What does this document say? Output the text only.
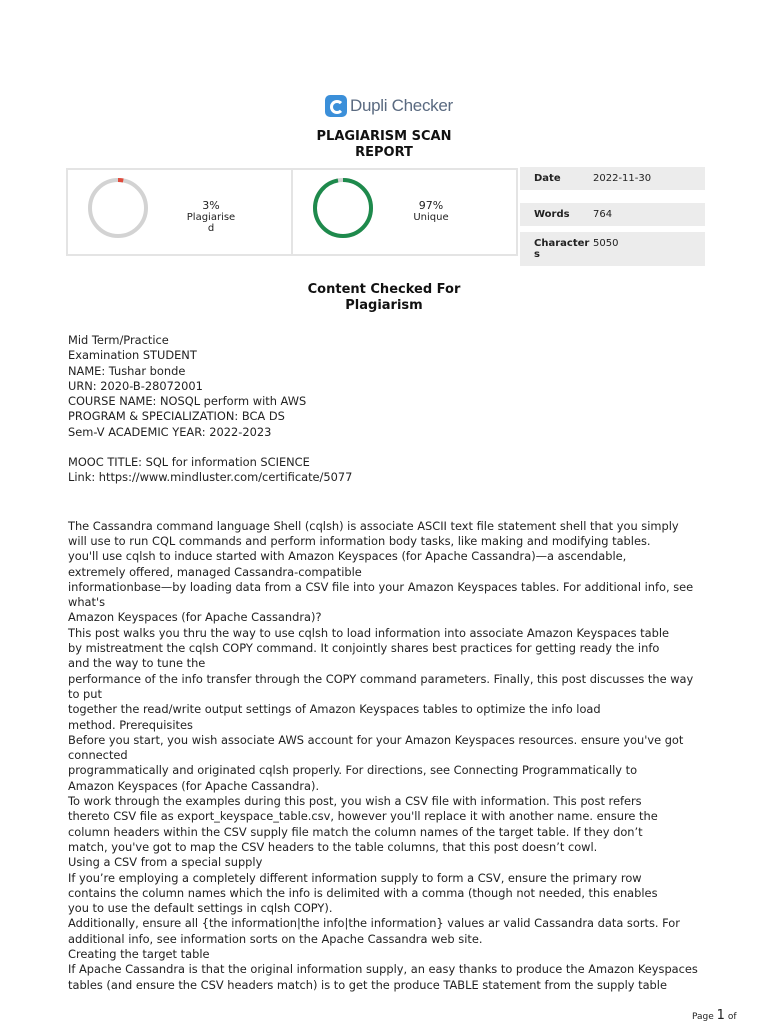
Dupli Checker
PLAGIARISM SCAN
REPORT
3%
Plagiarise
d
97%
Unique
Date	2022-11-30
Words	764
Character
s
5050
Content Checked For
Plagiarism

Mid Term/Practice

Examination STUDENT

NAME: Tushar bonde

URN: 2020-B-28072001

COURSE NAME: NOSQL perform with AWS

PROGRAM & SPECIALIZATION: BCA DS

Sem-V ACADEMIC YEAR: 2022-2023

MOOC TITLE: SQL for information SCIENCE

Link: https://www.mindluster.com/certificate/5077

The Cassandra command language Shell (cqlsh) is associate ASCII text file statement shell that you simply

will use to run CQL commands and perform information body tasks, like making and modifying tables.

you'll use cqlsh to induce started with Amazon Keyspaces (for Apache Cassandra)—a ascendable,

extremely offered, managed Cassandra-compatible

informationbase—by loading data from a CSV file into your Amazon Keyspaces tables. For additional info, see

what's

Amazon Keyspaces (for Apache Cassandra)?

This post walks you thru the way to use cqlsh to load information into associate Amazon Keyspaces table

by mistreatment the cqlsh COPY command. It conjointly shares best practices for getting ready the info

and the way to tune the

performance of the info transfer through the COPY command parameters. Finally, this post discusses the way

to put

together the read/write output settings of Amazon Keyspaces tables to optimize the info load

method. Prerequisites

Before you start, you wish associate AWS account for your Amazon Keyspaces resources. ensure you've got

connected

programmatically and originated cqlsh properly. For directions, see Connecting Programmatically to

Amazon Keyspaces (for Apache Cassandra).

To work through the examples during this post, you wish a CSV file with information. This post refers

thereto CSV file as export_keyspace_table.csv, however you'll replace it with another name. ensure the

column headers within the CSV supply file match the column names of the target table. If they don’t

match, you've got to map the CSV headers to the table columns, that this post doesn’t cowl.

Using a CSV from a special supply

If you’re employing a completely different information supply to form a CSV, ensure the primary row

contains the column names which the info is delimited with a comma (though not needed, this enables

you to use the default settings in cqlsh COPY).

Additionally, ensure all {the information|the info|the information} values ar valid Cassandra data sorts. For

additional info, see information sorts on the Apache Cassandra web site.

Creating the target table

If Apache Cassandra is that the original information supply, an easy thanks to produce the Amazon Keyspaces

tables (and ensure the CSV headers match) is to get the produce TABLE statement from the supply table

Page 1 of
